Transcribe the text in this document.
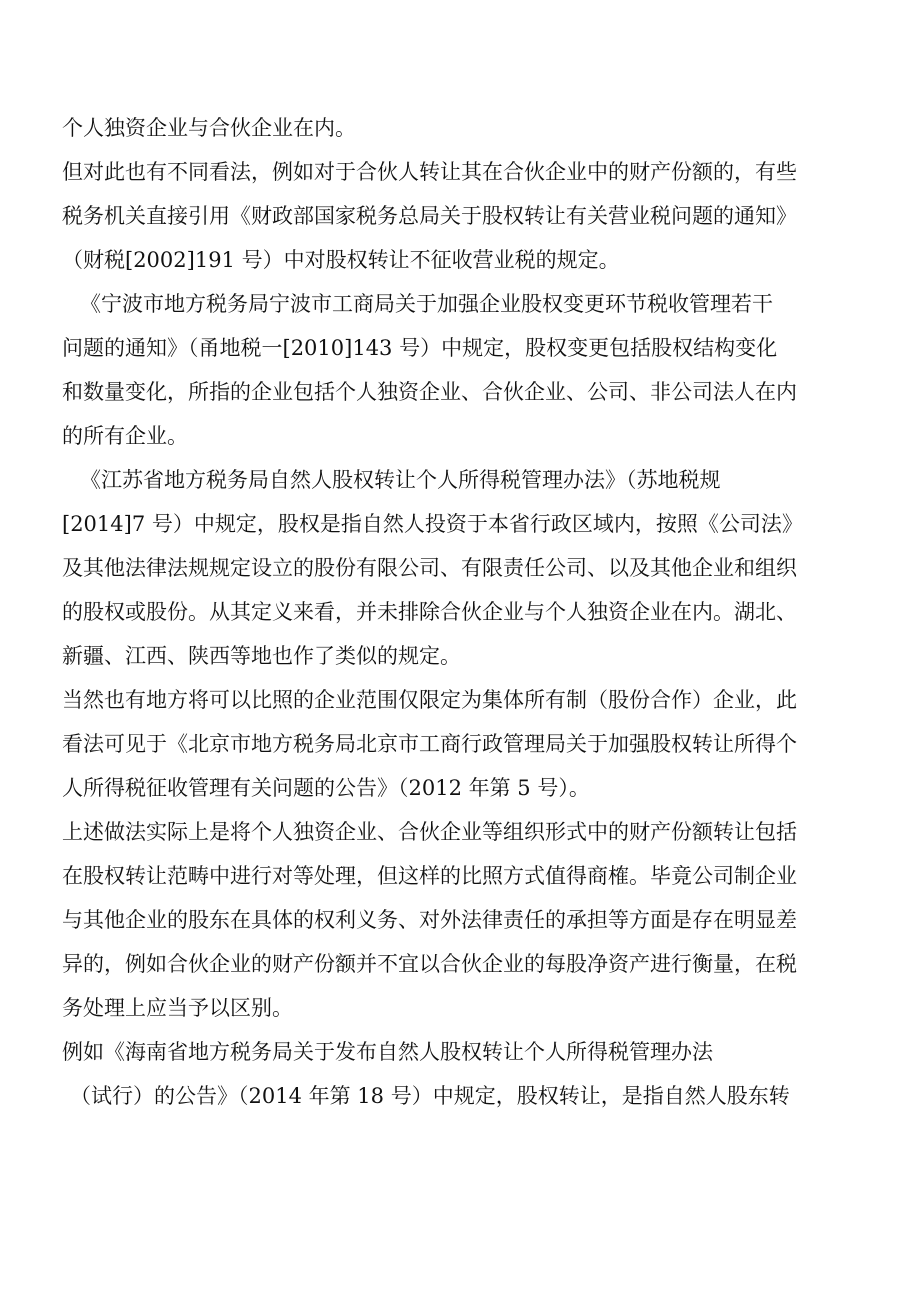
个人独资企业与合伙企业在内。
但对此也有不同看法，例如对于合伙人转让其在合伙企业中的财产份额的，有些
税务机关直接引用《财政部国家税务总局关于股权转让有关营业税问题的通知》
（财税[2002]191 号）中对股权转让不征收营业税的规定。
《宁波市地方税务局宁波市工商局关于加强企业股权变更环节税收管理若干
问题的通知》（甬地税一[2010]143 号）中规定，股权变更包括股权结构变化
和数量变化，所指的企业包括个人独资企业、合伙企业、公司、非公司法人在内
的所有企业。
《江苏省地方税务局自然人股权转让个人所得税管理办法》（苏地税规
[2014]7 号）中规定，股权是指自然人投资于本省行政区域内，按照《公司法》
及其他法律法规规定设立的股份有限公司、有限责任公司、以及其他企业和组织
的股权或股份。从其定义来看，并未排除合伙企业与个人独资企业在内。湖北、
新疆、江西、陕西等地也作了类似的规定。
当然也有地方将可以比照的企业范围仅限定为集体所有制（股份合作）企业，此
看法可见于《北京市地方税务局北京市工商行政管理局关于加强股权转让所得个
人所得税征收管理有关问题的公告》（2012 年第 5 号）。
上述做法实际上是将个人独资企业、合伙企业等组织形式中的财产份额转让包括
在股权转让范畴中进行对等处理，但这样的比照方式值得商榷。毕竟公司制企业
与其他企业的股东在具体的权利义务、对外法律责任的承担等方面是存在明显差
异的，例如合伙企业的财产份额并不宜以合伙企业的每股净资产进行衡量，在税
务处理上应当予以区别。
例如《海南省地方税务局关于发布自然人股权转让个人所得税管理办法
（试行）的公告》（2014 年第 18 号）中规定，股权转让，是指自然人股东转
